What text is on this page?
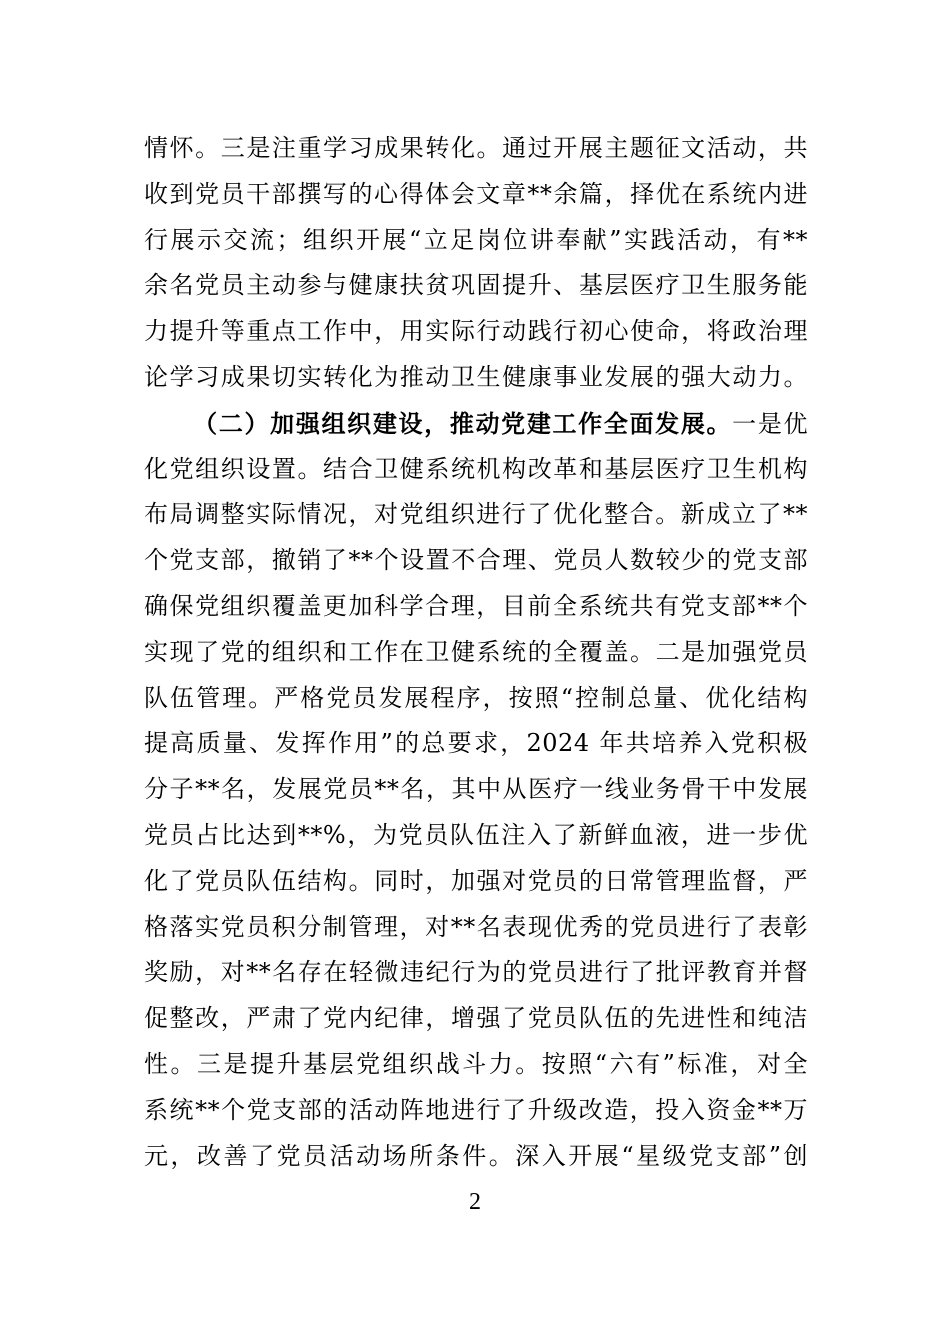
情怀。三是注重学习成果转化。通过开展主题征文活动，共
收到党员干部撰写的心得体会文章**余篇，择优在系统内进
行展示交流；组织开展“立足岗位讲奉献”实践活动，有**
余名党员主动参与健康扶贫巩固提升、基层医疗卫生服务能
力提升等重点工作中，用实际行动践行初心使命，将政治理
论学习成果切实转化为推动卫生健康事业发展的强大动力。
（二）加强组织建设，推动党建工作全面发展。一是优
化党组织设置。结合卫健系统机构改革和基层医疗卫生机构
布局调整实际情况，对党组织进行了优化整合。新成立了**
个党支部，撤销了**个设置不合理、党员人数较少的党支部
确保党组织覆盖更加科学合理，目前全系统共有党支部**个
实现了党的组织和工作在卫健系统的全覆盖。二是加强党员
队伍管理。严格党员发展程序，按照“控制总量、优化结构
提高质量、发挥作用”的总要求，2024 年共培养入党积极
分子**名，发展党员**名，其中从医疗一线业务骨干中发展
党员占比达到**%，为党员队伍注入了新鲜血液，进一步优
化了党员队伍结构。同时，加强对党员的日常管理监督，严
格落实党员积分制管理，对**名表现优秀的党员进行了表彰
奖励，对**名存在轻微违纪行为的党员进行了批评教育并督
促整改，严肃了党内纪律，增强了党员队伍的先进性和纯洁
性。三是提升基层党组织战斗力。按照“六有”标准，对全
系统**个党支部的活动阵地进行了升级改造，投入资金**万
元，改善了党员活动场所条件。深入开展“星级党支部”创
2
